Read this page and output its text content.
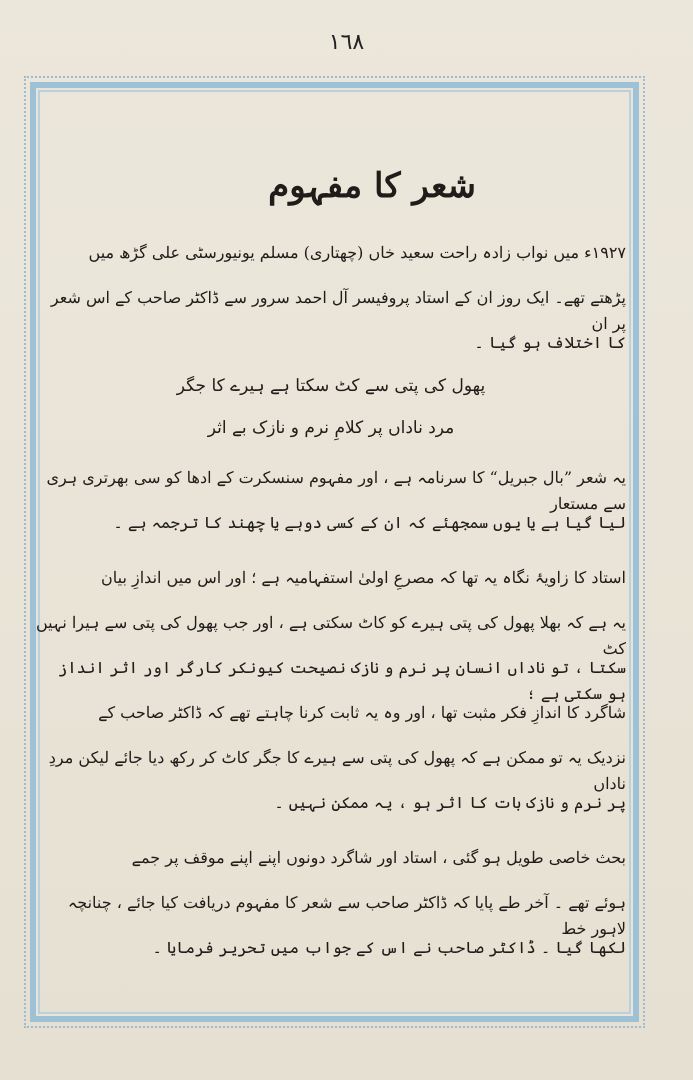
١٦٨
شعر کا مفہوم
۱۹۲۷ء میں نواب زادہ راحت سعید خاں (چھتاری) مسلم یونیورسٹی علی گڑھ میں
پڑھتے تھے۔ ایک روز ان کے استاد پروفیسر آل احمد سرور سے ڈاکٹر صاحب کے اس شعر پر ان
کا اختلاف ہو گیا ۔
پھول کی پتی سے کٹ سکتا ہے ہیرے کا جگر
مرد ناداں پر کلامِ نرم و نازک بے اثر
یہ شعر ”بال جبریل“ کا سرنامہ ہے ، اور مفہوم سنسکرت کے ادھا کو سی بھرتری ہری سے مستعار
لیا گیا ہے یا یوں سمجھئے کہ ان کے کسی دوہے یا چھند کا ترجمہ ہے ۔
استاد کا زاویۂ نگاہ یہ تھا کہ مصرعِ اولیٰ استفہامیہ ہے ؛ اور اس میں اندازِ بیان
یہ ہے کہ بھلا پھول کی پتی ہیرے کو کاٹ سکتی ہے ، اور جب پھول کی پتی سے ہیرا نہیں کٹ
سکتا ، تو ناداں انسان پر نرم و نازک نصیحت کیونکر کارگر اور اثر انداز ہو سکتی ہے ؛
شاگرد کا اندازِ فکر مثبت تھا ، اور وہ یہ ثابت کرنا چاہتے تھے کہ ڈاکٹر صاحب کے
نزدیک یہ تو ممکن ہے کہ پھول کی پتی سے ہیرے کا جگر کاٹ کر رکھ دیا جائے لیکن مردِ ناداں
پر نرم و نازک بات کا اثر ہو ، یہ ممکن نہیں ۔
بحث خاصی طویل ہو گئی ، استاد اور شاگرد دونوں اپنے اپنے موقف پر جمے
ہوئے تھے ۔ آخر طے پایا کہ ڈاکٹر صاحب سے شعر کا مفہوم دریافت کیا جائے ، چنانچہ لاہور خط
لکھا گیا ۔ ڈاکٹر صاحب نے اس کے جواب میں تحریر فرمایا ۔
